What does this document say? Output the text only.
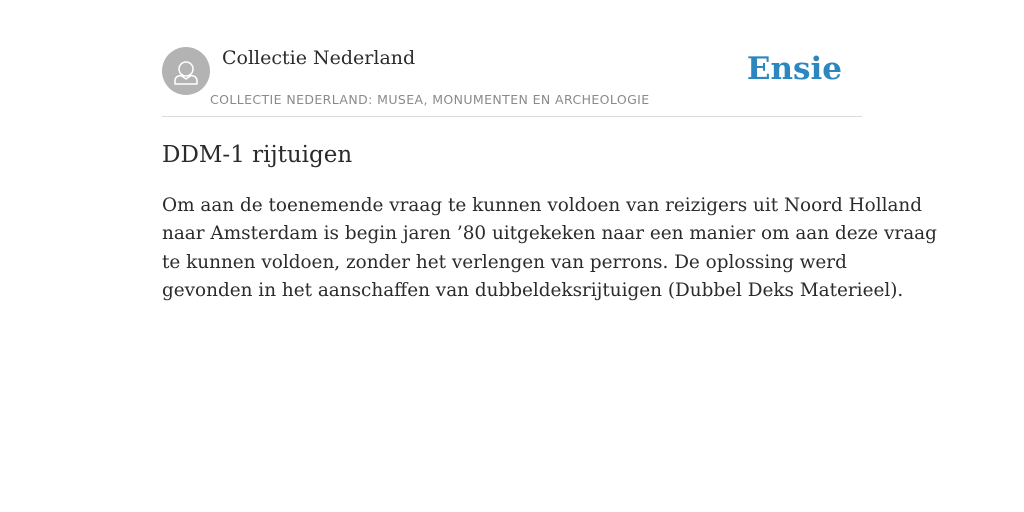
Collectie Nederland
COLLECTIE NEDERLAND: MUSEA, MONUMENTEN EN ARCHEOLOGIE
Ensie
DDM-1 rijtuigen

Om aan de toenemende vraag te kunnen voldoen van reizigers uit Noord Holland
naar Amsterdam is begin jaren ’80 uitgekeken naar een manier om aan deze vraag
te kunnen voldoen, zonder het verlengen van perrons. De oplossing werd
gevonden in het aanschaffen van dubbeldeksrijtuigen (Dubbel Deks Materieel).
